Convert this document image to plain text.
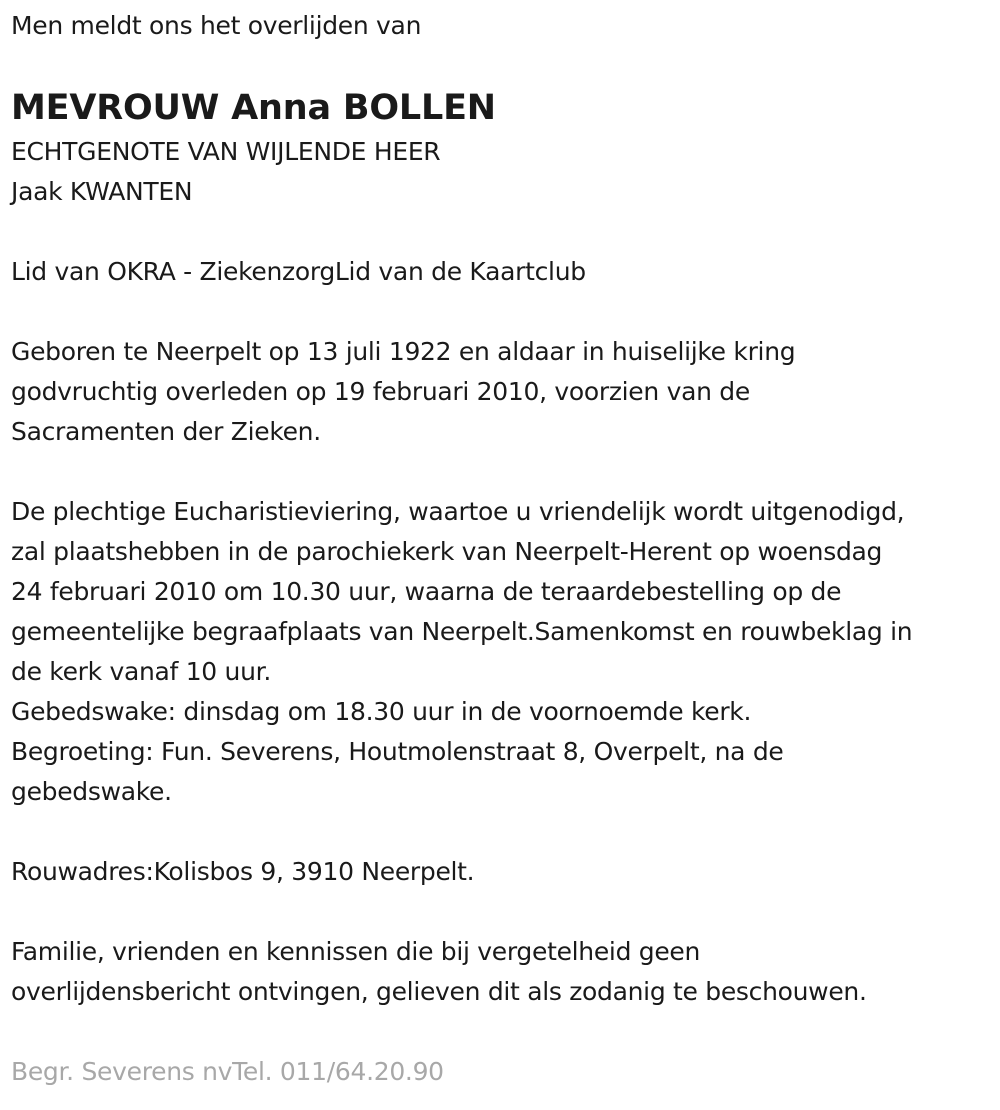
Men meldt ons het overlijden van
MEVROUW Anna BOLLEN
ECHTGENOTE VAN WIJLENDE HEER
Jaak KWANTEN
Lid van OKRA - ZiekenzorgLid van de Kaartclub
Geboren te Neerpelt op 13 juli 1922 en aldaar in huiselijke kring
godvruchtig overleden op 19 februari 2010, voorzien van de
Sacramenten der Zieken.
De plechtige Eucharistieviering, waartoe u vriendelijk wordt uitgenodigd,
zal plaatshebben in de parochiekerk van Neerpelt-Herent op woensdag
24 februari 2010 om 10.30 uur, waarna de teraardebestelling op de
gemeentelijke begraafplaats van Neerpelt.Samenkomst en rouwbeklag in
de kerk vanaf 10 uur.
Gebedswake: dinsdag om 18.30 uur in de voornoemde kerk.
Begroeting: Fun. Severens, Houtmolenstraat 8, Overpelt, na de
gebedswake.
Rouwadres:Kolisbos 9, 3910 Neerpelt.
Familie, vrienden en kennissen die bij vergetelheid geen
overlijdensbericht ontvingen, gelieven dit als zodanig te beschouwen.
Begr. Severens nvTel. 011/64.20.90
